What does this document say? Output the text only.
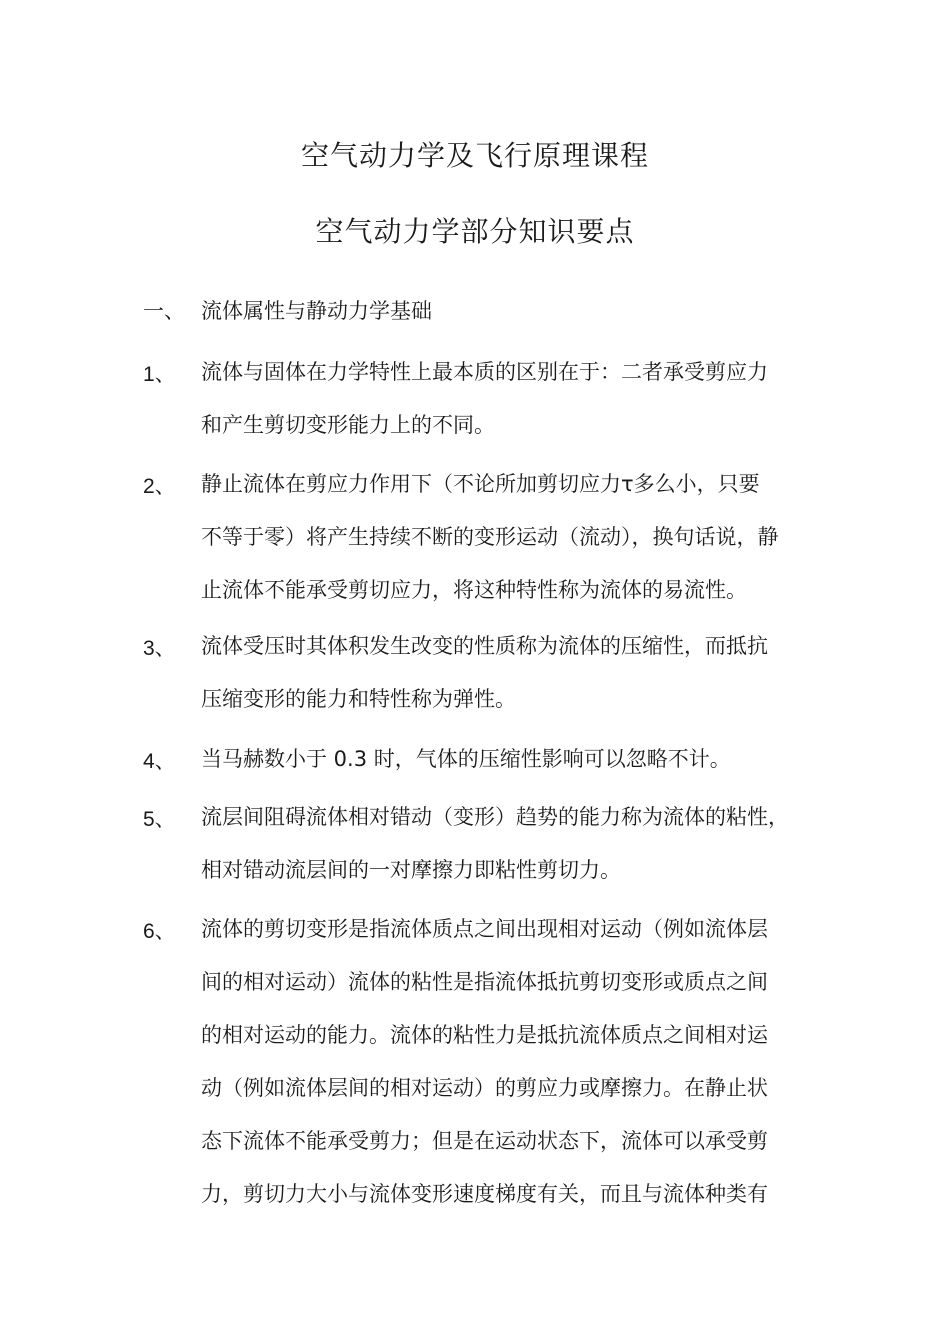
空气动力学及飞行原理课程
空气动力学部分知识要点
一、 流体属性与静动力学基础
1、	流体与固体在力学特性上最本质的区别在于：二者承受剪应力
和产生剪切变形能力上的不同。
2、	静止流体在剪应力作用下（不论所加剪切应力τ多么小，只要
不等于零）将产生持续不断的变形运动（流动），换句话说，静
止流体不能承受剪切应力，将这种特性称为流体的易流性。
3、	流体受压时其体积发生改变的性质称为流体的压缩性，而抵抗
压缩变形的能力和特性称为弹性。
4、	当马赫数小于 0.3 时，气体的压缩性影响可以忽略不计。
5、	流层间阻碍流体相对错动（变形）趋势的能力称为流体的粘性，
相对错动流层间的一对摩擦力即粘性剪切力。
6、	流体的剪切变形是指流体质点之间出现相对运动（例如流体层
间的相对运动）流体的粘性是指流体抵抗剪切变形或质点之间
的相对运动的能力。流体的粘性力是抵抗流体质点之间相对运
动（例如流体层间的相对运动）的剪应力或摩擦力。在静止状
态下流体不能承受剪力；但是在运动状态下，流体可以承受剪
力，剪切力大小与流体变形速度梯度有关，而且与流体种类有
